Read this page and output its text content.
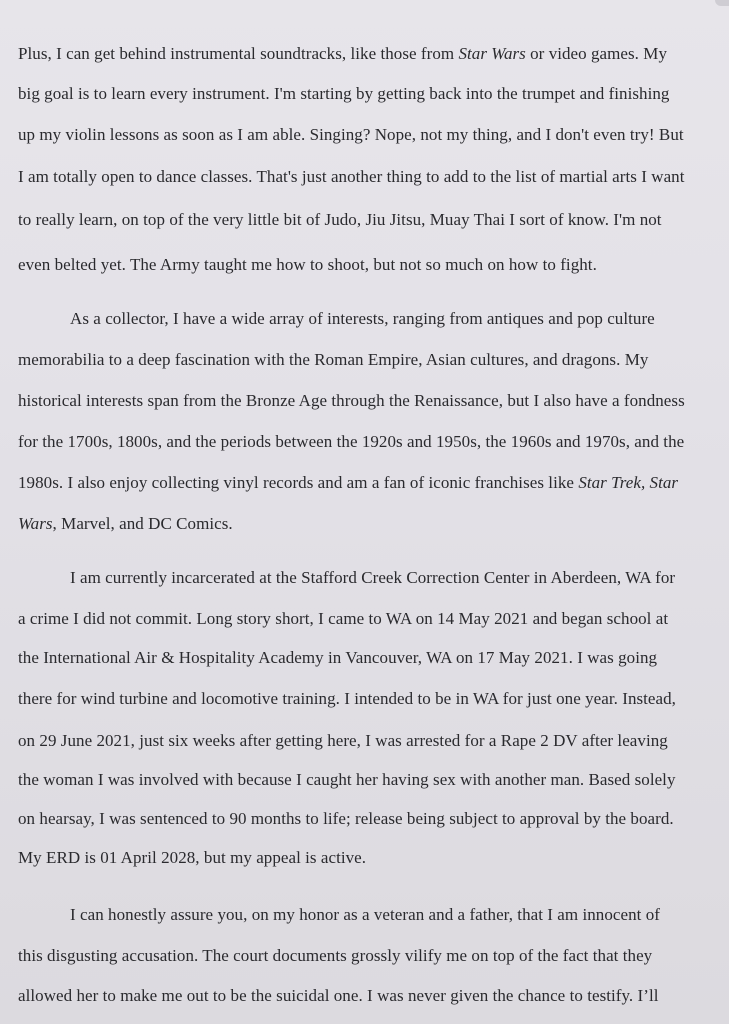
Plus, I can get behind instrumental soundtracks, like those from Star Wars or video games. My
big goal is to learn every instrument. I'm starting by getting back into the trumpet and finishing
up my violin lessons as soon as I am able. Singing? Nope, not my thing, and I don't even try! But
I am totally open to dance classes. That's just another thing to add to the list of martial arts I want
to really learn, on top of the very little bit of Judo, Jiu Jitsu, Muay Thai I sort of know. I'm not
even belted yet. The Army taught me how to shoot, but not so much on how to fight.
As a collector, I have a wide array of interests, ranging from antiques and pop culture
memorabilia to a deep fascination with the Roman Empire, Asian cultures, and dragons. My
historical interests span from the Bronze Age through the Renaissance, but I also have a fondness
for the 1700s, 1800s, and the periods between the 1920s and 1950s, the 1960s and 1970s, and the
1980s. I also enjoy collecting vinyl records and am a fan of iconic franchises like Star Trek, Star
Wars, Marvel, and DC Comics.
I am currently incarcerated at the Stafford Creek Correction Center in Aberdeen, WA for
a crime I did not commit. Long story short, I came to WA on 14 May 2021 and began school at
the International Air & Hospitality Academy in Vancouver, WA on 17 May 2021. I was going
there for wind turbine and locomotive training. I intended to be in WA for just one year. Instead,
on 29 June 2021, just six weeks after getting here, I was arrested for a Rape 2 DV after leaving
the woman I was involved with because I caught her having sex with another man. Based solely
on hearsay, I was sentenced to 90 months to life; release being subject to approval by the board.
My ERD is 01 April 2028, but my appeal is active.
I can honestly assure you, on my honor as a veteran and a father, that I am innocent of
this disgusting accusation. The court documents grossly vilify me on top of the fact that they
allowed her to make me out to be the suicidal one. I was never given the chance to testify. I’ll
